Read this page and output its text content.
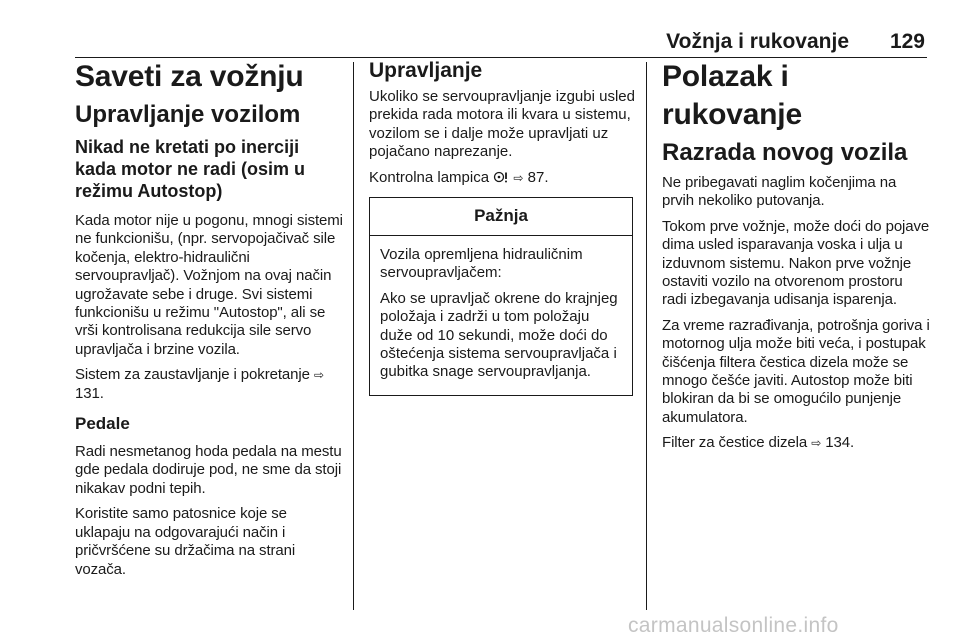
Vožnja i rukovanje 129
Saveti za vožnju
Upravljanje vozilom
Nikad ne kretati po inerciji kada motor ne radi (osim u režimu Autostop)

Kada motor nije u pogonu, mnogi sistemi ne funkcionišu, (npr. servopojačivač sile kočenja, elektro-hidraulični servoupravljač). Vožnjom na ovaj način ugrožavate sebe i druge. Svi sistemi funkcionišu u režimu "Autostop", ali se vrši kontrolisana redukcija sile servo upravljača i brzine vozila.

Sistem za zaustavljanje i pokretanje ⇨ 131.

Pedale

Radi nesmetanog hoda pedala na mestu gde pedala dodiruje pod, ne sme da stoji nikakav podni tepih.

Koristite samo patosnice koje se uklapaju na odgovarajući način i pričvršćene su držačima na strani vozača.

Upravljanje

Ukoliko se servoupravljanje izgubi usled prekida rada motora ili kvara u sistemu, vozilom se i dalje može upravljati uz pojačano naprezanje.

Kontrolna lampica ⇨ 87.

Pažnja

Vozila opremljena hidrauličnim servoupravljačem:

Ako se upravljač okrene do krajnjeg položaja i zadrži u tom položaju duže od 10 sekundi, može doći do oštećenja sistema servoupravljača i gubitka snage servoupravljanja.

Polazak i rukovanje
Razrada novog vozila

Ne pribegavati naglim kočenjima na prvih nekoliko putovanja.

Tokom prve vožnje, može doći do pojave dima usled isparavanja voska i ulja u izduvnom sistemu. Nakon prve vožnje ostaviti vozilo na otvorenom prostoru radi izbegavanja udisanja isparenja.

Za vreme razrađivanja, potrošnja goriva i motornog ulja može biti veća, i postupak čišćenja filtera čestica dizela može se mnogo češće javiti. Autostop može biti blokiran da bi se omogućilo punjenje akumulatora.

Filter za čestice dizela ⇨ 134.

carmanualsonline.info
